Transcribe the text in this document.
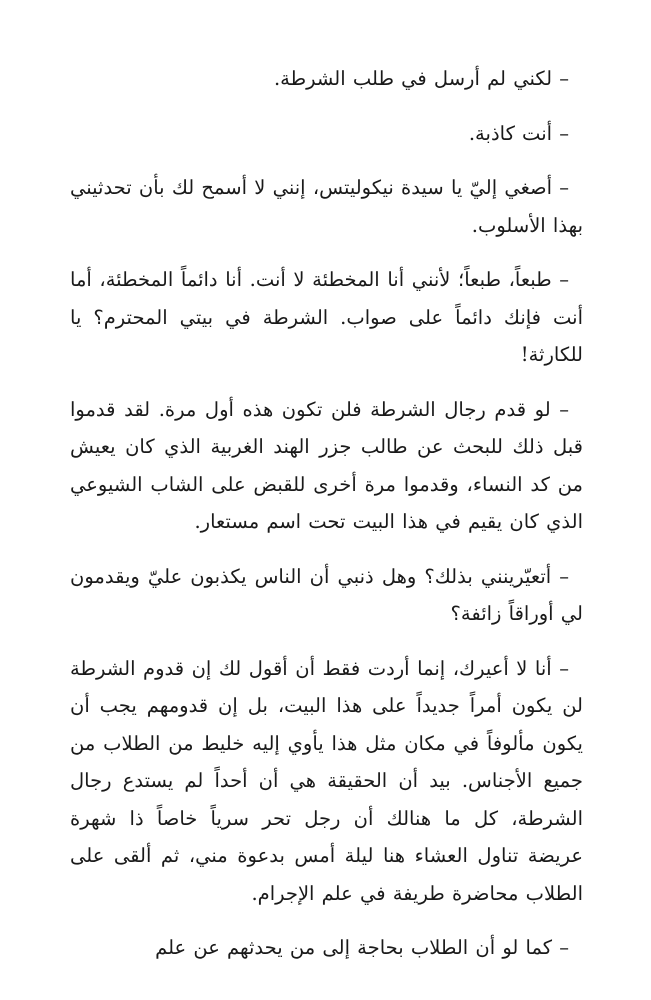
– لكني لم أرسل في طلب الشرطة.

– أنت كاذبة.

– أصغي إليّ يا سيدة نيكوليتس، إنني لا أسمح لك بأن تحدثيني بهذا الأسلوب.

– طبعاً، طبعاً؛ لأنني أنا المخطئة لا أنت. أنا دائماً المخطئة، أما أنت فإنك دائماً على صواب. الشرطة في بيتي المحترم؟ يا للكارثة!

– لو قدم رجال الشرطة فلن تكون هذه أول مرة. لقد قدموا قبل ذلك للبحث عن طالب جزر الهند الغربية الذي كان يعيش من كد النساء، وقدموا مرة أخرى للقبض على الشاب الشيوعي الذي كان يقيم في هذا البيت تحت اسم مستعار.

– أتعيّرينني بذلك؟ وهل ذنبي أن الناس يكذبون عليّ ويقدمون لي أوراقاً زائفة؟

– أنا لا أعيرك، إنما أردت فقط أن أقول لك إن قدوم الشرطة لن يكون أمراً جديداً على هذا البيت، بل إن قدومهم يجب أن يكون مألوفاً في مكان مثل هذا يأوي إليه خليط من الطلاب من جميع الأجناس. بيد أن الحقيقة هي أن أحداً لم يستدع رجال الشرطة، كل ما هنالك أن رجل تحر سرياً خاصاً ذا شهرة عريضة تناول العشاء هنا ليلة أمس بدعوة مني، ثم ألقى على الطلاب محاضرة طريفة في علم الإجرام.

– كما لو أن الطلاب بحاجة إلى من يحدثهم عن علم
